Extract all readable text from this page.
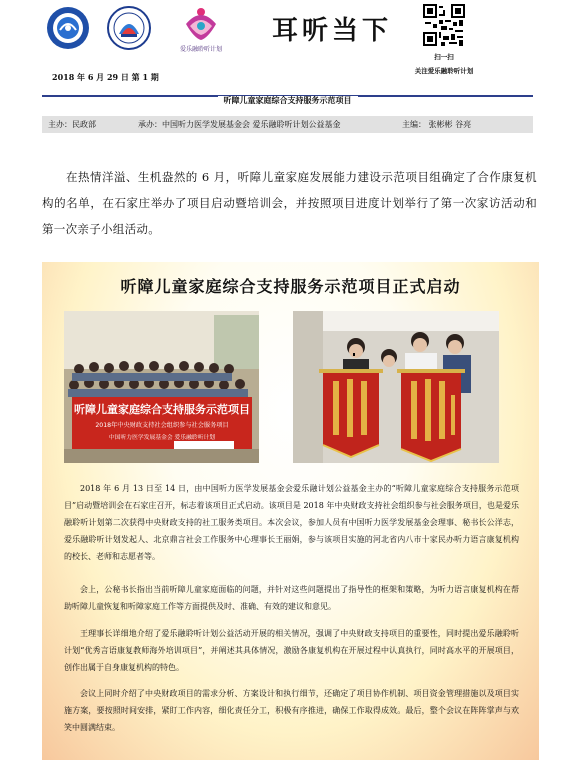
爱乐融聆听计划
耳听当下
扫一扫
关注爱乐融聆听计划
2018 年 6 月 29 日 第 1 期
听障儿童家庭综合支持服务示范项目
主办：民政部	承办：中国听力医学发展基金会 爱乐融聆听计划公益基金	主编： 张彬彬 谷亮

在热情洋溢、生机盎然的 6 月，听障儿童家庭发展能力建设示范项目组确定了合作康复机构的名单，在石家庄举办了项目启动暨培训会，并按照项目进度计划举行了第一次家访活动和第一次亲子小组活动。

听障儿童家庭综合支持服务示范项目正式启动
听障儿童家庭综合支持服务示范项目
2018年中央财政支持社会组织参与社会服务项目
中国听力医学发展基金会 爱乐融聆听计划

2018 年 6 月 13 日至 14 日，由中国听力医学发展基金会爱乐融计划公益基金主办的“听障儿童家庭综合支持服务示范项目”启动暨培训会在石家庄召开，标志着该项目正式启动。该项目是 2018 年中央财政支持社会组织参与社会服务项目，也是爱乐融聆听计划第二次获得中央财政支持的社工服务类项目。本次会议，参加人员有中国听力医学发展基金会理事、秘书长公洋志，爱乐融聆听计划发起人、北京鼎言社会工作服务中心理事长王丽娟，参与该项目实施的河北省内八市十家民办听力语言康复机构的校长、老师和志愿者等。

会上，公秘书长指出当前听障儿童家庭面临的问题，并针对这些问题提出了指导性的框架和策略，为听力语言康复机构在帮助听障儿童恢复和听障家庭工作等方面提供及时、准确、有效的建议和意见。

王理事长详细地介绍了爱乐融聆听计划公益活动开展的相关情况，强调了中央财政支持项目的重要性，同时提出爱乐融聆听计划“优秀言语康复教师海外培训项目”，并阐述其具体情况，激励各康复机构在开展过程中认真执行，同时高水平的开展项目，创作出属于自身康复机构的特色。

会议上同时介绍了中央财政项目的需求分析、方案设计和执行细节，还确定了项目协作机制、项目资金管理措施以及项目实施方案，要按照时间安排，紧盯工作内容，细化责任分工，积极有序推进，确保工作取得成效。最后，整个会议在阵阵掌声与欢笑中圆满结束。
